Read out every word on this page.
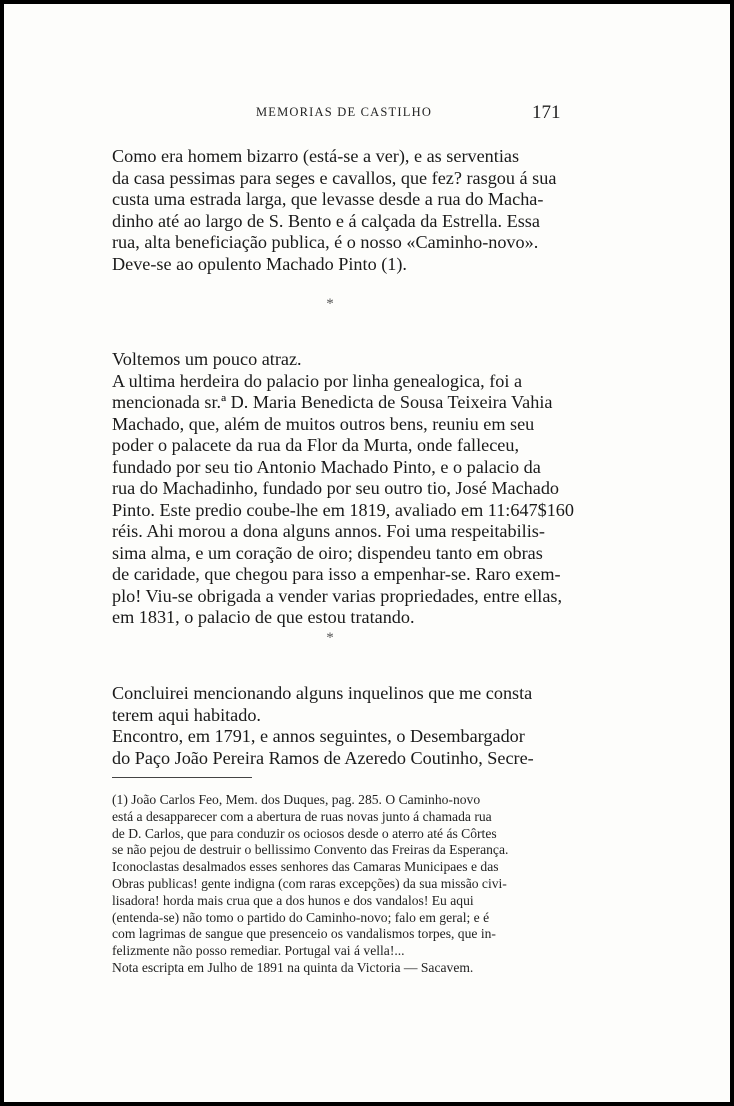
MEMORIAS DE CASTILHO	171

Como era homem bizarro (está-se a ver), e as serventias

da casa pessimas para seges e cavallos, que fez? rasgou á sua

custa uma estrada larga, que levasse desde a rua do Macha-

dinho até ao largo de S. Bento e á calçada da Estrella. Essa

rua, alta beneficiação publica, é o nosso «Caminho-novo».

Deve-se ao opulento Machado Pinto (1).

*

Voltemos um pouco atraz.

A ultima herdeira do palacio por linha genealogica, foi a

mencionada sr.ª D. Maria Benedicta de Sousa Teixeira Vahia

Machado, que, além de muitos outros bens, reuniu em seu

poder o palacete da rua da Flor da Murta, onde falleceu,

fundado por seu tio Antonio Machado Pinto, e o palacio da

rua do Machadinho, fundado por seu outro tio, José Machado

Pinto. Este predio coube-lhe em 1819, avaliado em 11:647$160

réis. Ahi morou a dona alguns annos. Foi uma respeitabilis-

sima alma, e um coração de oiro; dispendeu tanto em obras

de caridade, que chegou para isso a empenhar-se. Raro exem-

plo! Viu-se obrigada a vender varias propriedades, entre ellas,

em 1831, o palacio de que estou tratando.

*

Concluirei mencionando alguns inquelinos que me consta

terem aqui habitado.

Encontro, em 1791, e annos seguintes, o Desembargador

do Paço João Pereira Ramos de Azeredo Coutinho, Secre-

(1) João Carlos Feo, Mem. dos Duques, pag. 285. O Caminho-novo

está a desapparecer com a abertura de ruas novas junto á chamada rua

de D. Carlos, que para conduzir os ociosos desde o aterro até ás Côrtes

se não pejou de destruir o bellissimo Convento das Freiras da Esperança.

Iconoclastas desalmados esses senhores das Camaras Municipaes e das

Obras publicas! gente indigna (com raras excepções) da sua missão civi-

lisadora! horda mais crua que a dos hunos e dos vandalos! Eu aqui

(entenda-se) não tomo o partido do Caminho-novo; falo em geral; e é

com lagrimas de sangue que presenceio os vandalismos torpes, que in-

felizmente não posso remediar. Portugal vai á vella!...

Nota escripta em Julho de 1891 na quinta da Victoria — Sacavem.
